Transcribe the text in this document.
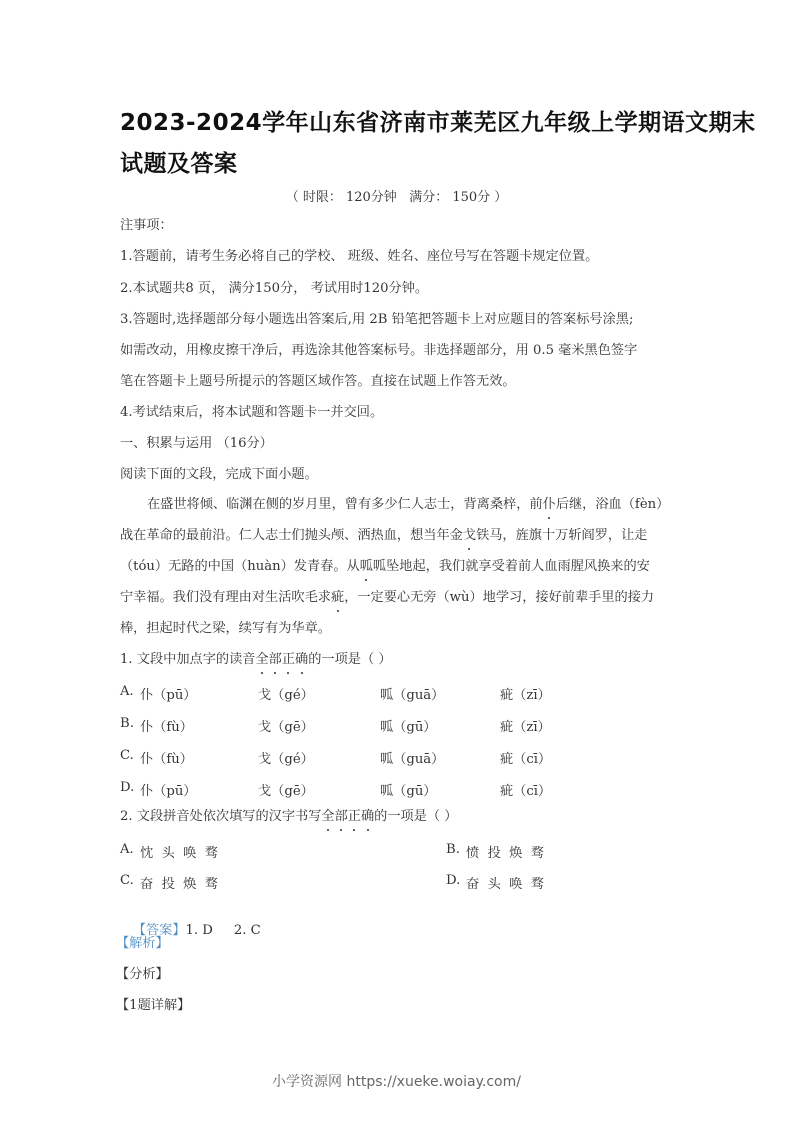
2023-2024学年山东省济南市莱芜区九年级上学期语文期末
试题及答案
（ 时限： 120分钟   满分： 150分 ）
注事项：
1.答题前，请考生务必将自己的学校、 班级、姓名、座位号写在答题卡规定位置。
2.本试题共8 页， 满分150分， 考试用时120分钟。
3.答题时,选择题部分每小题选出答案后,用 2B 铅笔把答题卡上对应题目的答案标号涂黑;
如需改动，用橡皮擦干净后，再选涂其他答案标号。非选择题部分，用 0.5 毫米黑色签字
笔在答题卡上题号所提示的答题区域作答。直接在试题上作答无效。
4.考试结束后，将本试题和答题卡一并交回。
一、积累与运用 （16分）
阅读下面的文段，完成下面小题。
在盛世将倾、临渊在侧的岁月里，曾有多少仁人志士，背离桑梓，前仆后继，浴血（fèn）
战在革命的最前沿。仁人志士们抛头颅、洒热血，想当年金戈铁马，旌旗十万斩阎罗，让走
（tóu）无路的中国（huàn）发青春。从呱呱坠地起，我们就享受着前人血雨腥风换来的安
宁幸福。我们没有理由对生活吹毛求疵，一定要心无旁（wù）地学习，接好前辈手里的接力
棒，担起时代之梁，续写有为华章。
1. 文段中加点字的读音全部正确的一项是（ ）
A. 仆（pū）	戈（gé）	呱（guā）	疵（zī）
B. 仆（fù）	戈（gē）	呱（gū）	疵（zī）
C. 仆（fù）	戈（gé）	呱（guā）	疵（cī）
D. 仆（pū）	戈（gē）	呱（gū）	疵（cī）
2. 文段拼音处依次填写的汉字书写全部正确的一项是（ ）
A. 忱  头  唤  骛	B. 愤  投  焕  骛
C. 奋  投  焕  骛	D. 奋  头  唤  骛

【答案】1. D     2. C

【解析】
【分析】
【1题详解】
小学资源网 https://xueke.woiay.com/
